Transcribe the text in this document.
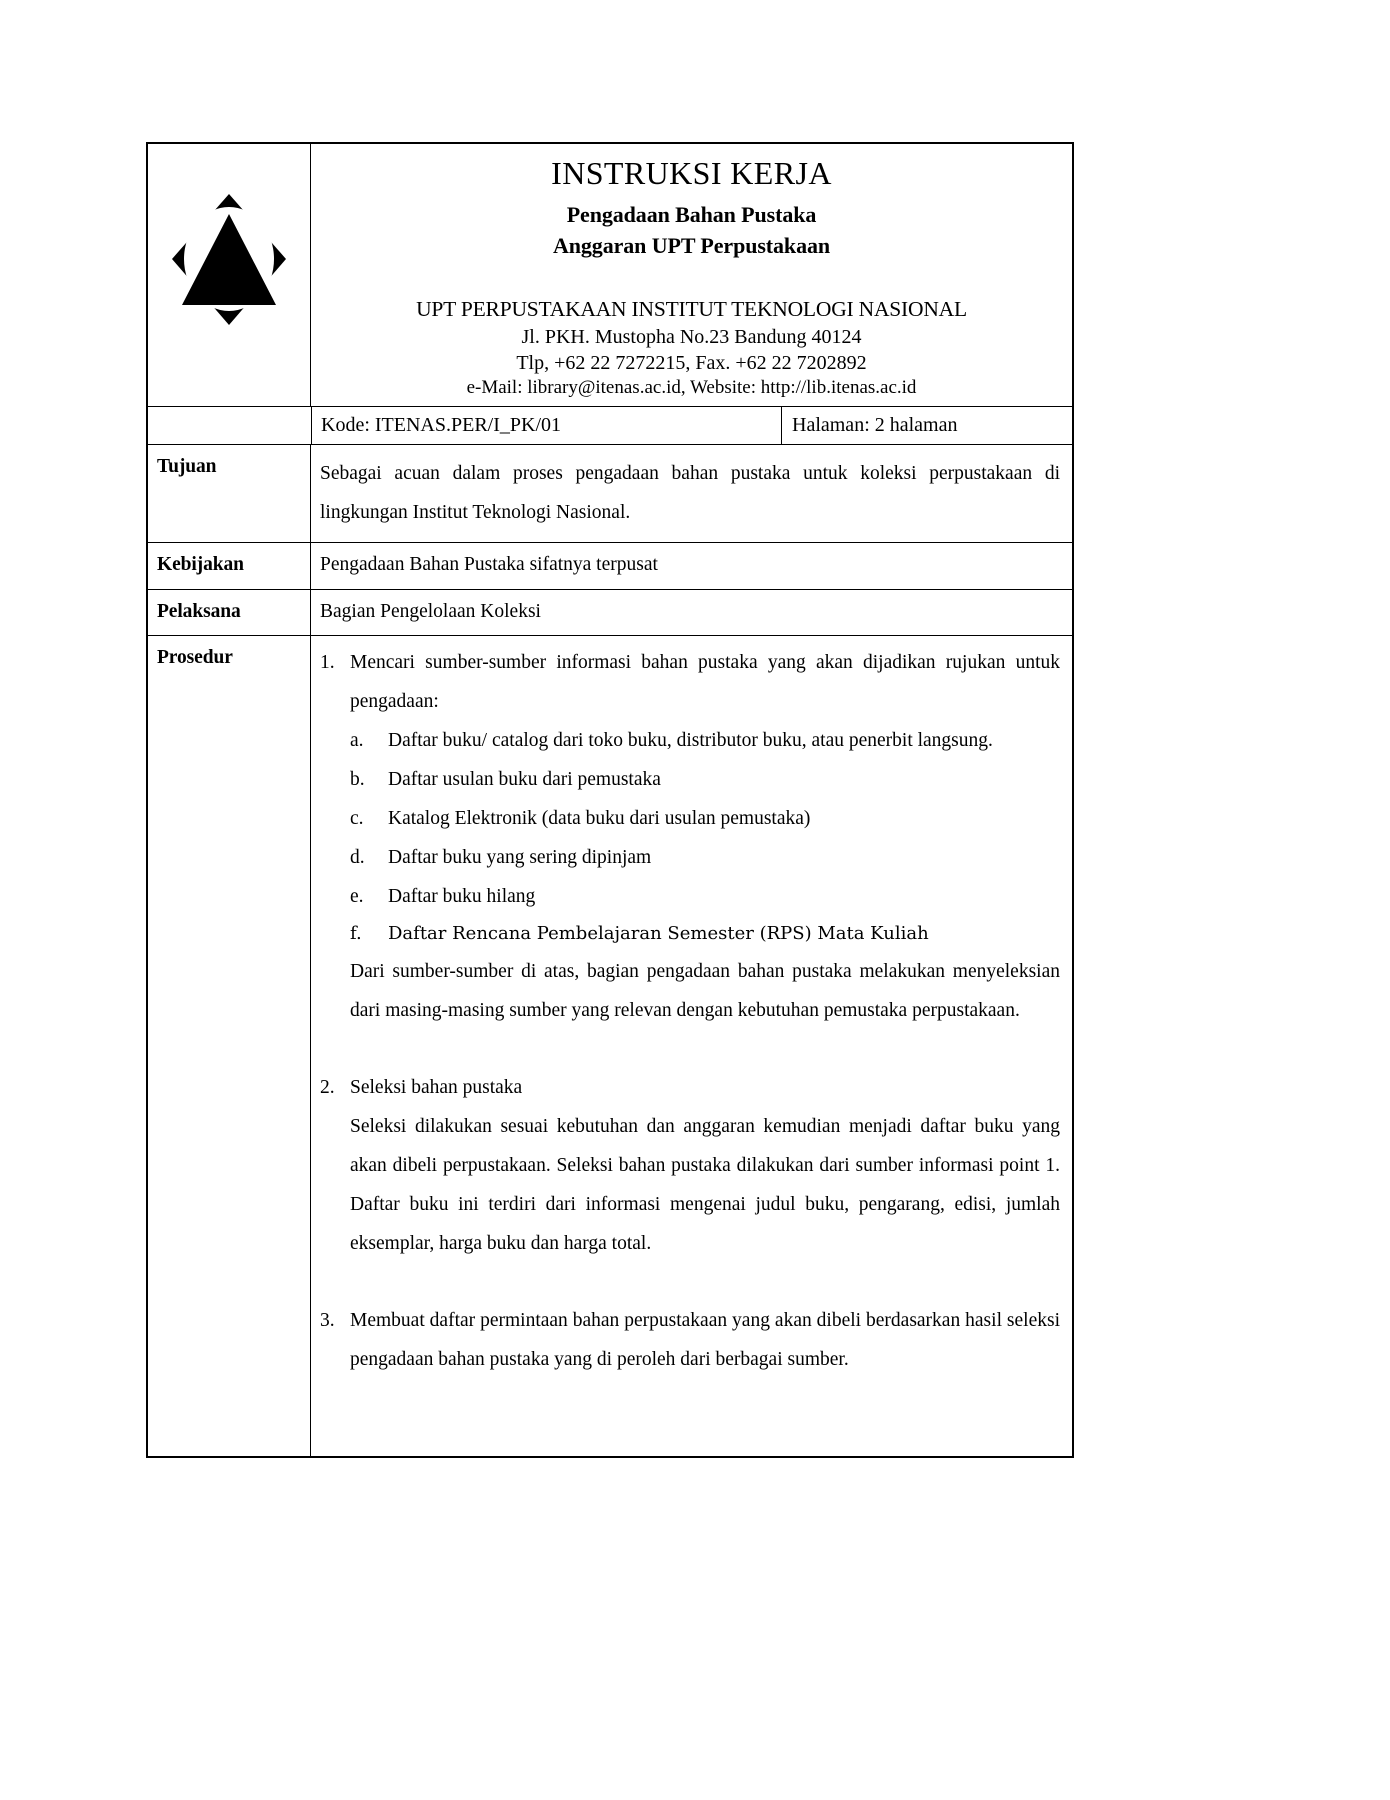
INSTRUKSI KERJA
Pengadaan Bahan Pustaka
Anggaran UPT Perpustakaan
UPT PERPUSTAKAAN INSTITUT TEKNOLOGI NASIONAL
Jl. PKH. Mustopha No.23 Bandung 40124
Tlp, +62 22 7272215, Fax. +62 22 7202892
e-Mail: library@itenas.ac.id, Website: http://lib.itenas.ac.id
Kode: ITENAS.PER/I_PK/01	Halaman: 2 halaman
Tujuan	Sebagai acuan dalam proses pengadaan bahan pustaka untuk koleksi perpustakaan di lingkungan Institut Teknologi Nasional.
Kebijakan	Pengadaan Bahan Pustaka sifatnya terpusat
Pelaksana	Bagian Pengelolaan Koleksi
Prosedur	1. Mencari sumber-sumber informasi bahan pustaka yang akan dijadikan rujukan untuk pengadaan:
a.	Daftar buku/ catalog dari toko buku, distributor buku, atau penerbit langsung.
b.	Daftar usulan buku dari pemustaka
c.	Katalog Elektronik (data buku dari usulan pemustaka)
d.	Daftar buku yang sering dipinjam
e.	Daftar buku hilang
f.	Daftar Rencana Pembelajaran Semester (RPS) Mata Kuliah
Dari sumber-sumber di atas, bagian pengadaan bahan pustaka melakukan menyeleksian dari masing-masing sumber yang relevan dengan kebutuhan pemustaka perpustakaan.
2. Seleksi bahan pustaka
Seleksi dilakukan sesuai kebutuhan dan anggaran kemudian menjadi daftar buku yang akan dibeli perpustakaan. Seleksi bahan pustaka dilakukan dari sumber informasi point 1. Daftar buku ini terdiri dari informasi mengenai judul buku, pengarang, edisi, jumlah eksemplar, harga buku dan harga total.
3. Membuat daftar permintaan bahan perpustakaan yang akan dibeli berdasarkan hasil seleksi pengadaan bahan pustaka yang di peroleh dari berbagai sumber.
